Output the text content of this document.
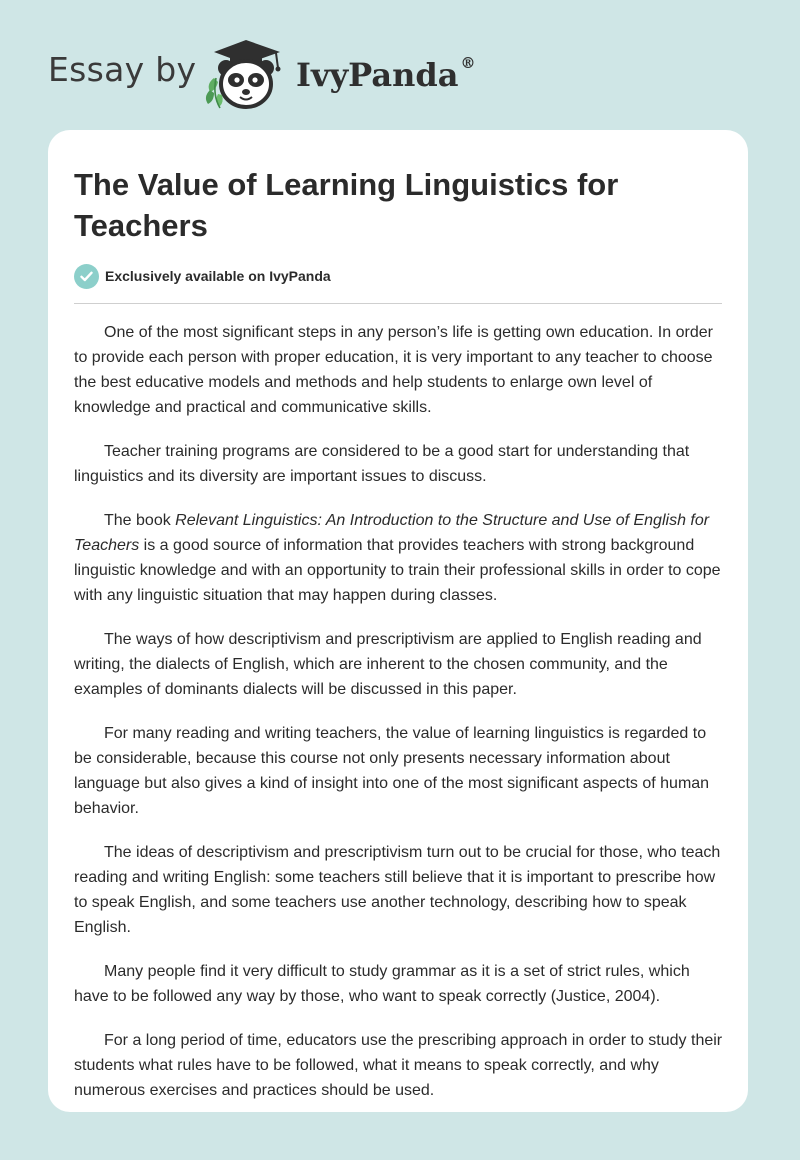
Essay by	IvyPanda ®
The Value of Learning Linguistics for Teachers
Exclusively available on IvyPanda

One of the most significant steps in any person’s life is getting own education. In order to provide each person with proper education, it is very important to any teacher to choose the best educative models and methods and help students to enlarge own level of knowledge and practical and communicative skills.

Teacher training programs are considered to be a good start for understanding that linguistics and its diversity are important issues to discuss.

The book Relevant Linguistics: An Introduction to the Structure and Use of English for Teachers is a good source of information that provides teachers with strong background linguistic knowledge and with an opportunity to train their professional skills in order to cope with any linguistic situation that may happen during classes.

The ways of how descriptivism and prescriptivism are applied to English reading and writing, the dialects of English, which are inherent to the chosen community, and the examples of dominants dialects will be discussed in this paper.

For many reading and writing teachers, the value of learning linguistics is regarded to be considerable, because this course not only presents necessary information about language but also gives a kind of insight into one of the most significant aspects of human behavior.

The ideas of descriptivism and prescriptivism turn out to be crucial for those, who teach reading and writing English: some teachers still believe that it is important to prescribe how to speak English, and some teachers use another technology, describing how to speak English.

Many people find it very difficult to study grammar as it is a set of strict rules, which have to be followed any way by those, who want to speak correctly (Justice, 2004).

For a long period of time, educators use the prescribing approach in order to study their students what rules have to be followed, what it means to speak correctly, and why numerous exercises and practices should be used.
